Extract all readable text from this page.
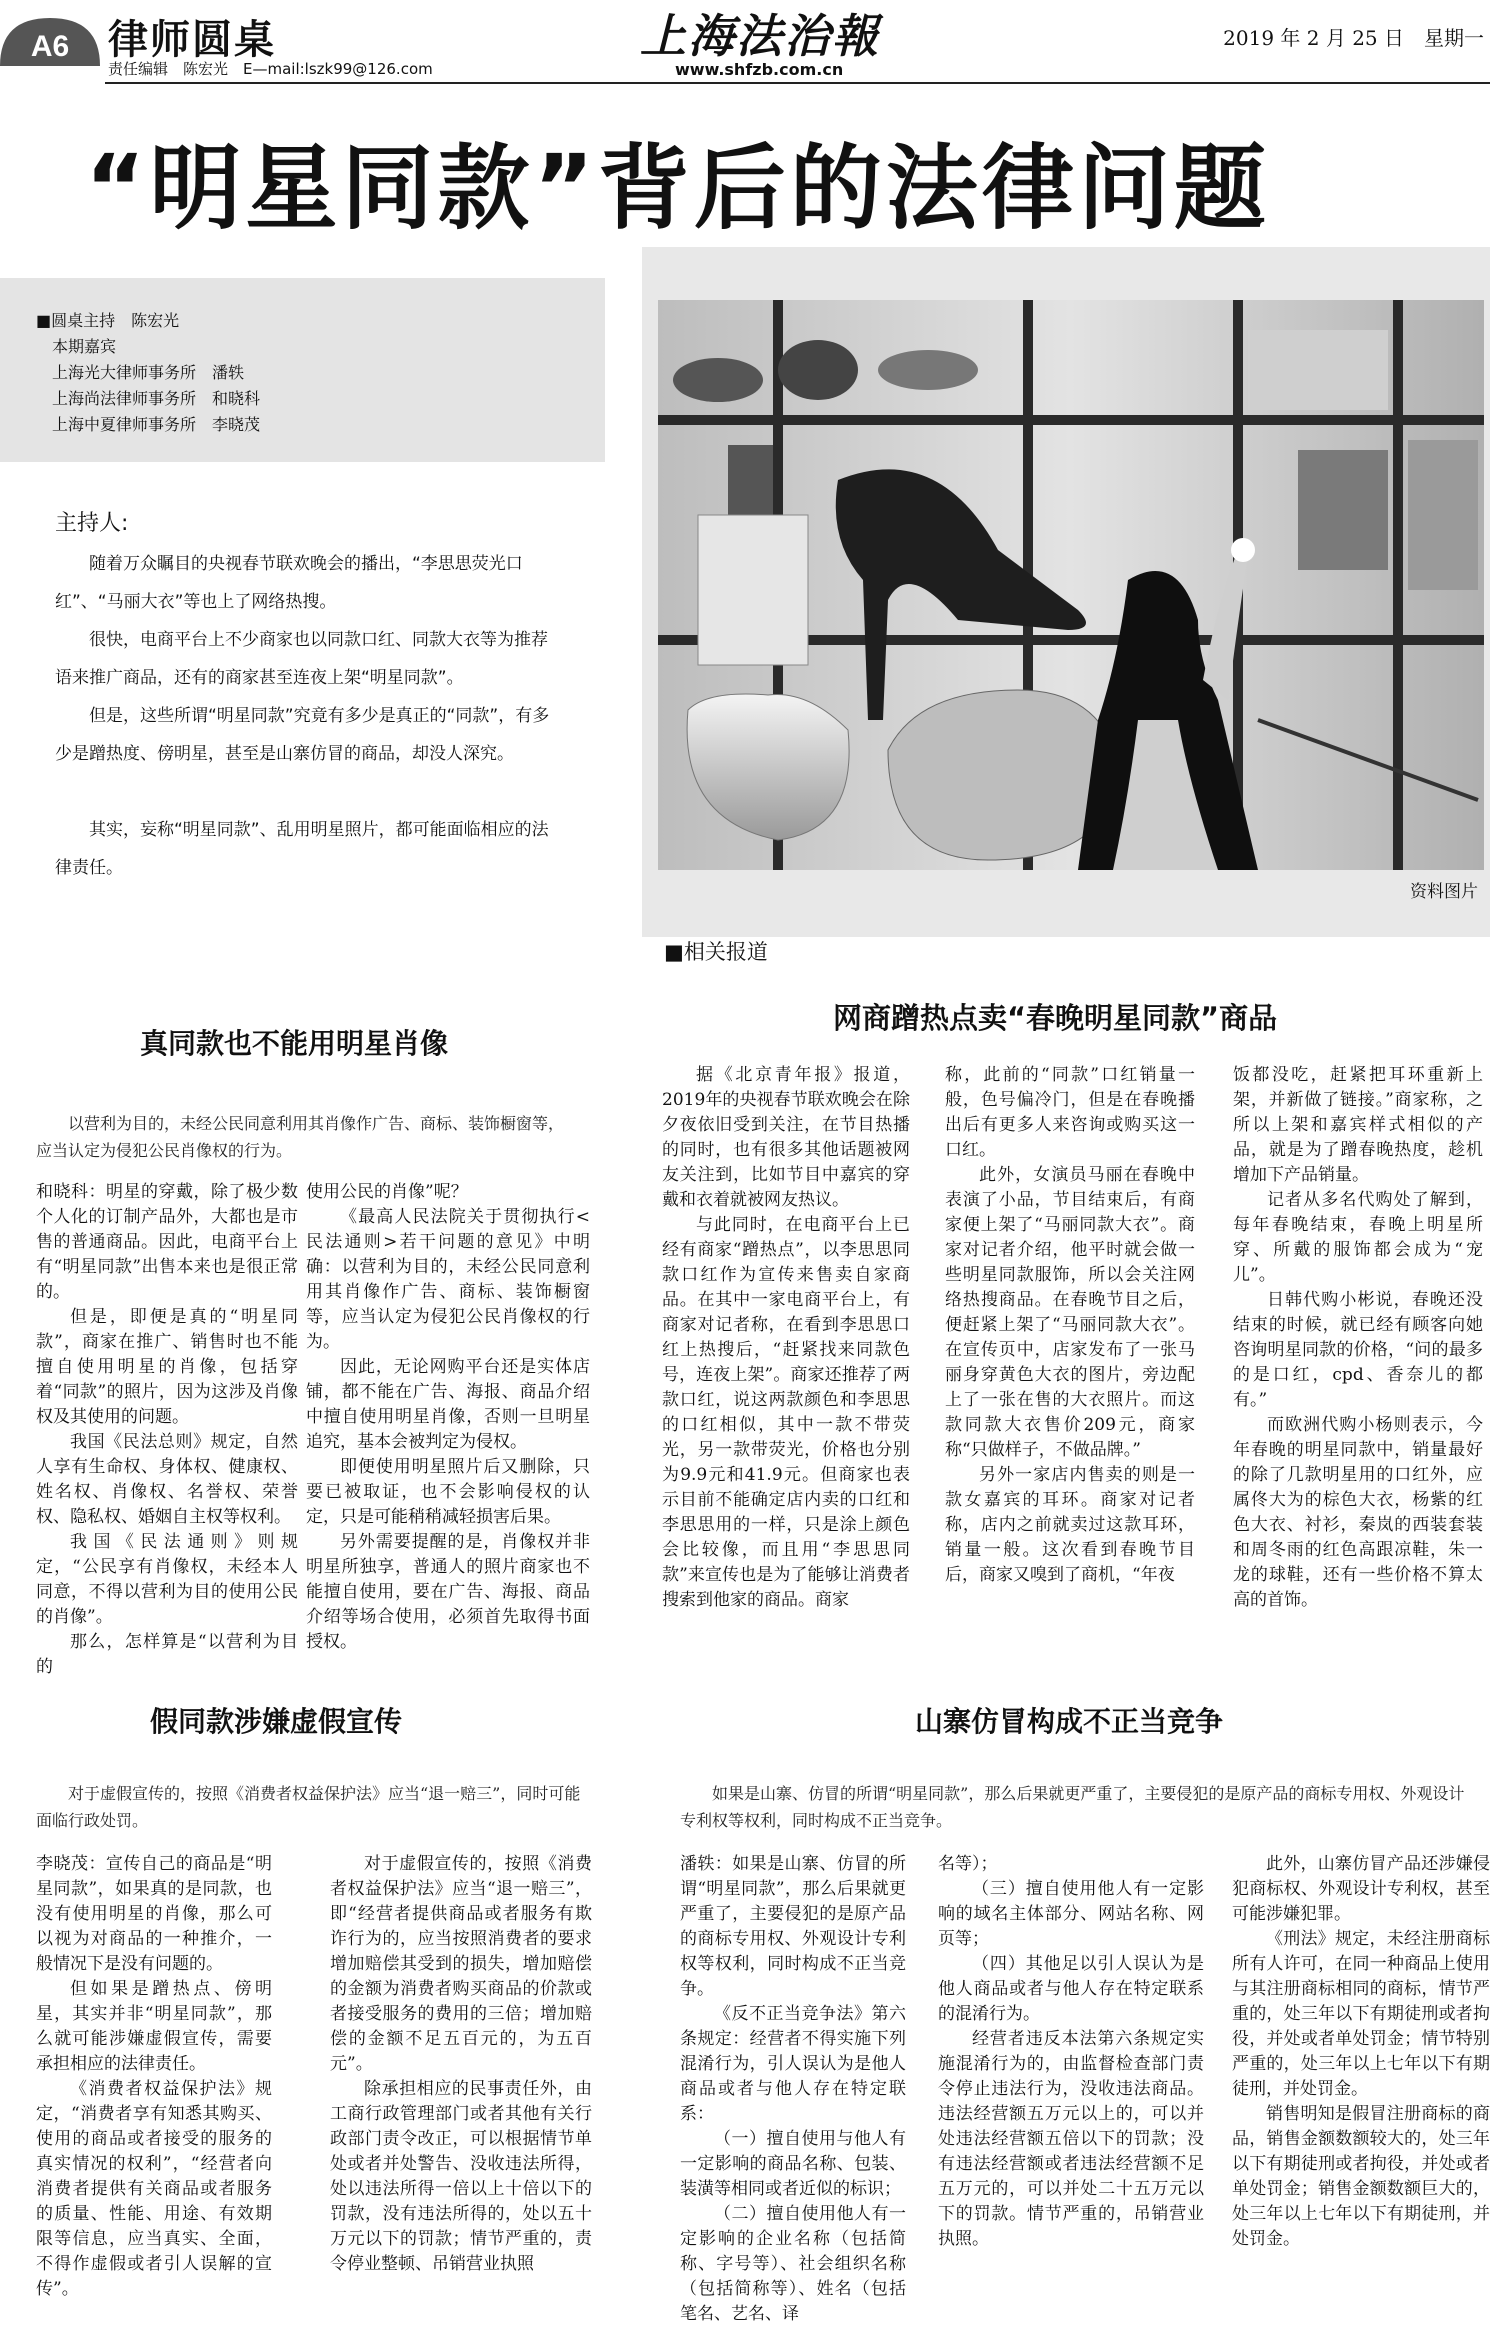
A6 律师圆桌
责任编辑　陈宏光　E—mail:lszk99@126.com
上海法治報
www.shfzb.com.cn
2019 年 2 月 25 日　星期一
“明星同款”背后的法律问题
■圆桌主持　陈宏光
　本期嘉宾
　上海光大律师事务所　潘轶
　上海尚法律师事务所　和晓科
　上海中夏律师事务所　李晓茂
主持人:
随着万众瞩目的央视春节联欢晚会的播出，“李思思荧光口红”、“马丽大衣”等也上了网络热搜。
很快，电商平台上不少商家也以同款口红、同款大衣等为推荐语来推广商品，还有的商家甚至连夜上架“明星同款”。
但是，这些所谓“明星同款”究竟有多少是真正的“同款”，有多少是蹭热度、傍明星，甚至是山寨仿冒的商品，却没人深究。
其实，妄称“明星同款”、乱用明星照片，都可能面临相应的法律责任。
资料图片
■相关报道
网商蹭热点卖“春晚明星同款”商品

据《北京青年报》报道，2019年的央视春节联欢晚会在除夕夜依旧受到关注，在节目热播的同时，也有很多其他话题被网友关注到，比如节目中嘉宾的穿戴和衣着就被网友热议。

与此同时，在电商平台上已经有商家“蹭热点”，以李思思同款口红作为宣传来售卖自家商品。在其中一家电商平台上，有商家对记者称，在看到李思思口红上热搜后，“赶紧找来同款色号，连夜上架”。商家还推荐了两款口红，说这两款颜色和李思思的口红相似，其中一款不带荧光，另一款带荧光，价格也分别为9.9元和41.9元。但商家也表示目前不能确定店内卖的口红和李思思用的一样，只是涂上颜色会比较像，而且用“李思思同款”来宣传也是为了能够让消费者搜索到他家的商品。商家

称，此前的“同款”口红销量一般，色号偏冷门，但是在春晚播出后有更多人来咨询或购买这一口红。

此外，女演员马丽在春晚中表演了小品，节目结束后，有商家便上架了“马丽同款大衣”。商家对记者介绍，他平时就会做一些明星同款服饰，所以会关注网络热搜商品。在春晚节目之后，便赶紧上架了“马丽同款大衣”。在宣传页中，店家发布了一张马丽身穿黄色大衣的图片，旁边配上了一张在售的大衣照片。而这款同款大衣售价209元，商家称“只做样子，不做品牌。”

另外一家店内售卖的则是一款女嘉宾的耳环。商家对记者称，店内之前就卖过这款耳环，销量一般。这次看到春晚节目后，商家又嗅到了商机，“年夜

饭都没吃，赶紧把耳环重新上架，并新做了链接。”商家称，之所以上架和嘉宾样式相似的产品，就是为了蹭春晚热度，趁机增加下产品销量。

记者从多名代购处了解到，每年春晚结束，春晚上明星所穿、所戴的服饰都会成为“宠儿”。

日韩代购小彬说，春晚还没结束的时候，就已经有顾客向她咨询明星同款的价格，“问的最多的是口红，cpd、香奈儿的都有。”

而欧洲代购小杨则表示，今年春晚的明星同款中，销量最好的除了几款明星用的口红外，应属佟大为的棕色大衣，杨紫的红色大衣、衬衫，秦岚的西装套装和周冬雨的红色高跟凉鞋，朱一龙的球鞋，还有一些价格不算太高的首饰。

真同款也不能用明星肖像
以营利为目的，未经公民同意利用其肖像作广告、商标、装饰橱窗等，应当认定为侵犯公民肖像权的行为。

和晓科：明星的穿戴，除了极少数个人化的订制产品外，大都也是市售的普通商品。因此，电商平台上有“明星同款”出售本来也是很正常的。

但是，即便是真的“明星同款”，商家在推广、销售时也不能擅自使用明星的肖像，包括穿着“同款”的照片，因为这涉及肖像权及其使用的问题。

我国《民法总则》规定，自然人享有生命权、身体权、健康权、姓名权、肖像权、名誉权、荣誉权、隐私权、婚姻自主权等权利。

我国《民法通则》则规定，“公民享有肖像权，未经本人同意，不得以营利为目的使用公民的肖像”。

那么，怎样算是“以营利为目的

使用公民的肖像”呢？

《最高人民法院关于贯彻执行<民法通则>若干问题的意见》中明确：以营利为目的，未经公民同意利用其肖像作广告、商标、装饰橱窗等，应当认定为侵犯公民肖像权的行为。

因此，无论网购平台还是实体店铺，都不能在广告、海报、商品介绍中擅自使用明星肖像，否则一旦明星追究，基本会被判定为侵权。

即便使用明星照片后又删除，只要已被取证，也不会影响侵权的认定，只是可能稍稍减轻损害后果。

另外需要提醒的是，肖像权并非明星所独享，普通人的照片商家也不能擅自使用，要在广告、海报、商品介绍等场合使用，必须首先取得书面授权。

假同款涉嫌虚假宣传
对于虚假宣传的，按照《消费者权益保护法》应当“退一赔三”，同时可能面临行政处罚。

李晓茂：宣传自己的商品是“明星同款”，如果真的是同款，也没有使用明星的肖像，那么可以视为对商品的一种推介，一般情况下是没有问题的。

但如果是蹭热点、傍明星，其实并非“明星同款”，那么就可能涉嫌虚假宣传，需要承担相应的法律责任。

《消费者权益保护法》规定，“消费者享有知悉其购买、使用的商品或者接受的服务的真实情况的权利”，“经营者向消费者提供有关商品或者服务的质量、性能、用途、有效期限等信息，应当真实、全面，不得作虚假或者引人误解的宣传”。

对于虚假宣传的，按照《消费者权益保护法》应当“退一赔三”，即“经营者提供商品或者服务有欺诈行为的，应当按照消费者的要求增加赔偿其受到的损失，增加赔偿的金额为消费者购买商品的价款或者接受服务的费用的三倍；增加赔偿的金额不足五百元的，为五百元”。

除承担相应的民事责任外，由工商行政管理部门或者其他有关行政部门责令改正，可以根据情节单处或者并处警告、没收违法所得，处以违法所得一倍以上十倍以下的罚款，没有违法所得的，处以五十万元以下的罚款；情节严重的，责令停业整顿、吊销营业执照

山寨仿冒构成不正当竞争
如果是山寨、仿冒的所谓“明星同款”，那么后果就更严重了，主要侵犯的是原产品的商标专用权、外观设计专利权等权利，同时构成不正当竞争。

潘轶：如果是山寨、仿冒的所谓“明星同款”，那么后果就更严重了，主要侵犯的是原产品的商标专用权、外观设计专利权等权利，同时构成不正当竞争。

《反不正当竞争法》第六条规定：经营者不得实施下列混淆行为，引人误认为是他人商品或者与他人存在特定联系：

（一）擅自使用与他人有一定影响的商品名称、包装、装潢等相同或者近似的标识；

（二）擅自使用他人有一定影响的企业名称（包括简称、字号等）、社会组织名称（包括简称等）、姓名（包括笔名、艺名、译

名等）；

（三）擅自使用他人有一定影响的域名主体部分、网站名称、网页等；

（四）其他足以引人误认为是他人商品或者与他人存在特定联系的混淆行为。

经营者违反本法第六条规定实施混淆行为的，由监督检查部门责令停止违法行为，没收违法商品。违法经营额五万元以上的，可以并处违法经营额五倍以下的罚款；没有违法经营额或者违法经营额不足五万元的，可以并处二十五万元以下的罚款。情节严重的，吊销营业执照。

此外，山寨仿冒产品还涉嫌侵犯商标权、外观设计专利权，甚至可能涉嫌犯罪。

《刑法》规定，未经注册商标所有人许可，在同一种商品上使用与其注册商标相同的商标，情节严重的，处三年以下有期徒刑或者拘役，并处或者单处罚金；情节特别严重的，处三年以上七年以下有期徒刑，并处罚金。

销售明知是假冒注册商标的商品，销售金额数额较大的，处三年以下有期徒刑或者拘役，并处或者单处罚金；销售金额数额巨大的，处三年以上七年以下有期徒刑，并处罚金。
